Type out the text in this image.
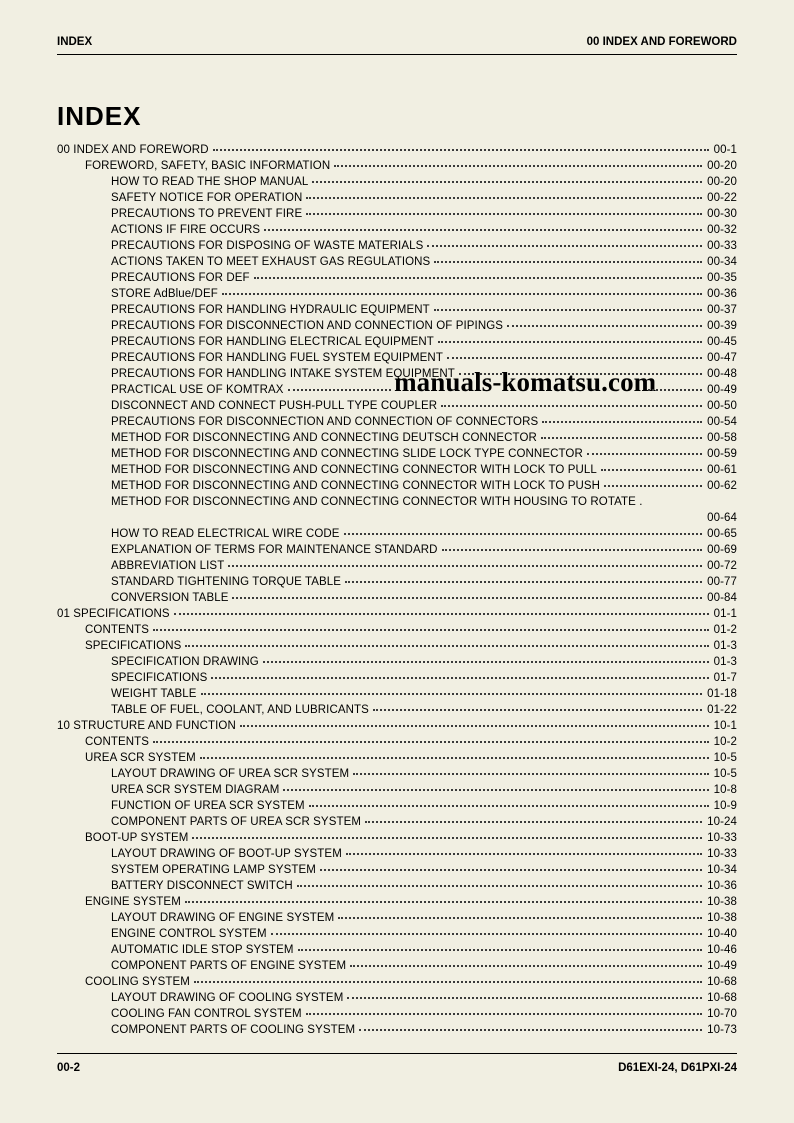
INDEX	00 INDEX AND FOREWORD
INDEX
00 INDEX AND FOREWORD	00-1
FOREWORD, SAFETY, BASIC INFORMATION	00-20
HOW TO READ THE SHOP MANUAL	00-20
SAFETY NOTICE FOR OPERATION	00-22
PRECAUTIONS TO PREVENT FIRE	00-30
ACTIONS IF FIRE OCCURS	00-32
PRECAUTIONS FOR DISPOSING OF WASTE MATERIALS	00-33
ACTIONS TAKEN TO MEET EXHAUST GAS REGULATIONS	00-34
PRECAUTIONS FOR DEF	00-35
STORE AdBlue/DEF	00-36
PRECAUTIONS FOR HANDLING HYDRAULIC EQUIPMENT	00-37
PRECAUTIONS FOR DISCONNECTION AND CONNECTION OF PIPINGS	00-39
PRECAUTIONS FOR HANDLING ELECTRICAL EQUIPMENT	00-45
PRECAUTIONS FOR HANDLING FUEL SYSTEM EQUIPMENT	00-47
PRECAUTIONS FOR HANDLING INTAKE SYSTEM EQUIPMENT	00-48
PRACTICAL USE OF KOMTRAX	manuals-komatsu.com	00-49
DISCONNECT AND CONNECT PUSH-PULL TYPE COUPLER	00-50
PRECAUTIONS FOR DISCONNECTION AND CONNECTION OF CONNECTORS	00-54
METHOD FOR DISCONNECTING AND CONNECTING DEUTSCH CONNECTOR	00-58
METHOD FOR DISCONNECTING AND CONNECTING SLIDE LOCK TYPE CONNECTOR	00-59
METHOD FOR DISCONNECTING AND CONNECTING CONNECTOR WITH LOCK TO PULL	00-61
METHOD FOR DISCONNECTING AND CONNECTING CONNECTOR WITH LOCK TO PUSH	00-62
METHOD FOR DISCONNECTING AND CONNECTING CONNECTOR WITH HOUSING TO ROTATE .
00-64
HOW TO READ ELECTRICAL WIRE CODE	00-65
EXPLANATION OF TERMS FOR MAINTENANCE STANDARD	00-69
ABBREVIATION LIST	00-72
STANDARD TIGHTENING TORQUE TABLE	00-77
CONVERSION TABLE	00-84
01 SPECIFICATIONS	01-1
CONTENTS	01-2
SPECIFICATIONS	01-3
SPECIFICATION DRAWING	01-3
SPECIFICATIONS	01-7
WEIGHT TABLE	01-18
TABLE OF FUEL, COOLANT, AND LUBRICANTS	01-22
10 STRUCTURE AND FUNCTION	10-1
CONTENTS	10-2
UREA SCR SYSTEM	10-5
LAYOUT DRAWING OF UREA SCR SYSTEM	10-5
UREA SCR SYSTEM DIAGRAM	10-8
FUNCTION OF UREA SCR SYSTEM	10-9
COMPONENT PARTS OF UREA SCR SYSTEM	10-24
BOOT-UP SYSTEM	10-33
LAYOUT DRAWING OF BOOT-UP SYSTEM	10-33
SYSTEM OPERATING LAMP SYSTEM	10-34
BATTERY DISCONNECT SWITCH	10-36
ENGINE SYSTEM	10-38
LAYOUT DRAWING OF ENGINE SYSTEM	10-38
ENGINE CONTROL SYSTEM	10-40
AUTOMATIC IDLE STOP SYSTEM	10-46
COMPONENT PARTS OF ENGINE SYSTEM	10-49
COOLING SYSTEM	10-68
LAYOUT DRAWING OF COOLING SYSTEM	10-68
COOLING FAN CONTROL SYSTEM	10-70
COMPONENT PARTS OF COOLING SYSTEM	10-73
00-2	D61EXI-24, D61PXI-24
